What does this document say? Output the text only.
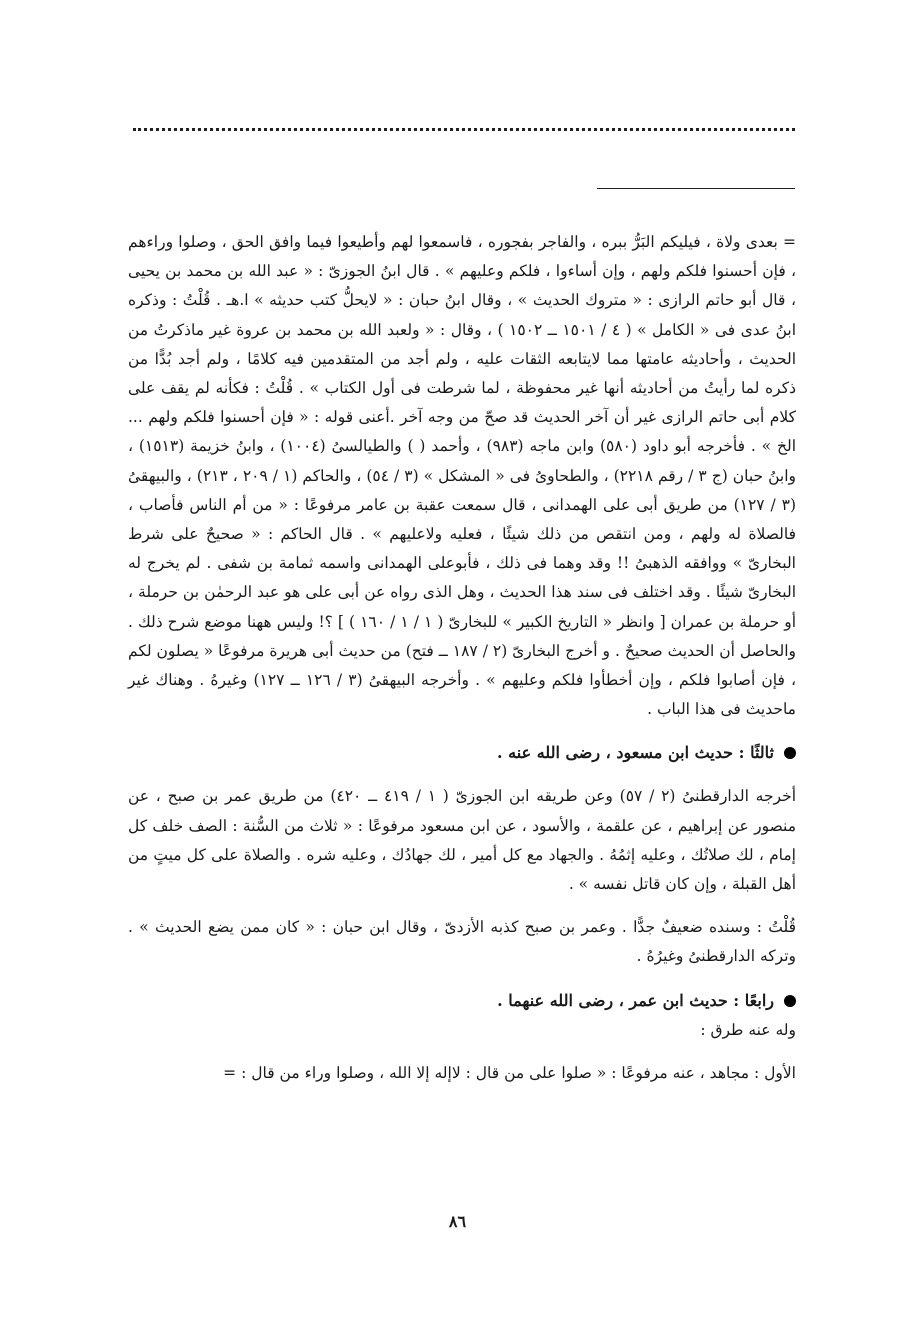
= بعدى ولاة ، فيليكم البَرُّ ببره ، والفاجر بفجوره ، فاسمعوا لهم وأطيعوا فيما وافق الحق ، وصلوا وراءهم ، فإن أحسنوا فلكم ولهم ، وإن أساءوا ، فلكم وعليهم » . قال ابنُ الجوزىّ : « عبد الله بن محمد بن يحيى ، قال أبو حاتم الرازى : « متروك الحديث » ، وقال ابنُ حبان : « لايحلُّ كتب حديثه » ا.هـ . قُلْتُ : وذكره ابنُ عدى فى « الكامل » ( ٤ / ١٥٠١ ــ ١٥٠٢ ) ، وقال : « ولعبد الله بن محمد بن عروة غير ماذكرتُ من الحديث ، وأحاديثه عامتها مما لايتابعه الثقات عليه ، ولم أجد من المتقدمين فيه كلامًا ، ولم أجد بُدًّا من ذكره لما رأيتُ من أحاديثه أنها غير محفوظة ، لما شرطت فى أول الكتاب » . قُلْتُ : فكأنه لم يقف على كلام أبى حاتم الرازى غير أن آخر الحديث قد صحّ من وجه آخر .أعنى قوله : « فإن أحسنوا فلكم ولهم ... الخ » . فأخرجه أبو داود (٥٨٠) وابن ماجه (٩٨٣) ، وأحمد ( ) والطيالسىُ (١٠٠٤) ، وابنُ خزيمة (١٥١٣) ، وابنُ حبان (ج ٣ / رقم ٢٢١٨) ، والطحاوىُ فى « المشكل » (٣ / ٥٤) ، والحاكم (١ / ٢٠٩ ، ٢١٣) ، والبيهقىُ (٣ / ١٢٧) من طريق أبى على الهمدانى ، قال سمعت عقبة بن عامر مرفوعًا : « من أم الناس فأصاب ، فالصلاة له ولهم ، ومن انتقص من ذلك شيئًا ، فعليه ولاعليهم » . قال الحاكم : « صحيحٌ على شرط البخارىّ » ووافقه الذهبىُ !! وقد وهما فى ذلك ، فأبوعلى الهمدانى واسمه ثمامة بن شفى . لم يخرج له البخارىّ شيئًا . وقد اختلف فى سند هذا الحديث ، وهل الذى رواه عن أبى على هو عبد الرحمٰن بن حرملة ، أو حرملة بن عمران [ وانظر « التاريخ الكبير » للبخارىّ ( ١ / ١ / ١٦٠ ) ] ؟! وليس ههنا موضع شرح ذلك . والحاصل أن الحديث صحيحٌ . و أخرج البخارىّ (٢ / ١٨٧ ــ فتح) من حديث أبى هريرة مرفوعًا « يصلون لكم ، فإن أصابوا فلكم ، وإن أخطأوا فلكم وعليهم » . وأخرجه البيهقىُ (٣ / ١٢٦ ــ ١٢٧) وغيرهُ . وهناك غير ماحديث فى هذا الباب .

ثالثًا : حديث ابن مسعود ، رضى الله عنه .

أخرجه الدارقطنىُ (٢ / ٥٧) وعن طريقه ابن الجوزىّ ( ١ / ٤١٩ ــ ٤٢٠) من طريق عمر بن صبح ، عن منصور عن إبراهيم ، عن علقمة ، والأسود ، عن ابن مسعود مرفوعًا : « ثلاث من السُّنة : الصف خلف كل إمام ، لك صلاتُك ، وعليه إثمُهُ . والجهاد مع كل أمير ، لك جهادُك ، وعليه شره . والصلاة على كل ميتٍ من أهل القبلة ، وإن كان قاتل نفسه » .

قُلْتُ : وسنده ضعيفٌ جدًّا . وعمر بن صبح كذبه الأزدىّ ، وقال ابن حبان : « كان ممن يضع الحديث » . وتركه الدارقطنىُ وغيرُهُ .

رابعًا : حديث ابن عمر ، رضى الله عنهما .

وله عنه طرق :

الأول : مجاهد ، عنه مرفوعًا : « صلوا على من قال : لاإله إلا الله ، وصلوا وراء من قال : =

٨٦
